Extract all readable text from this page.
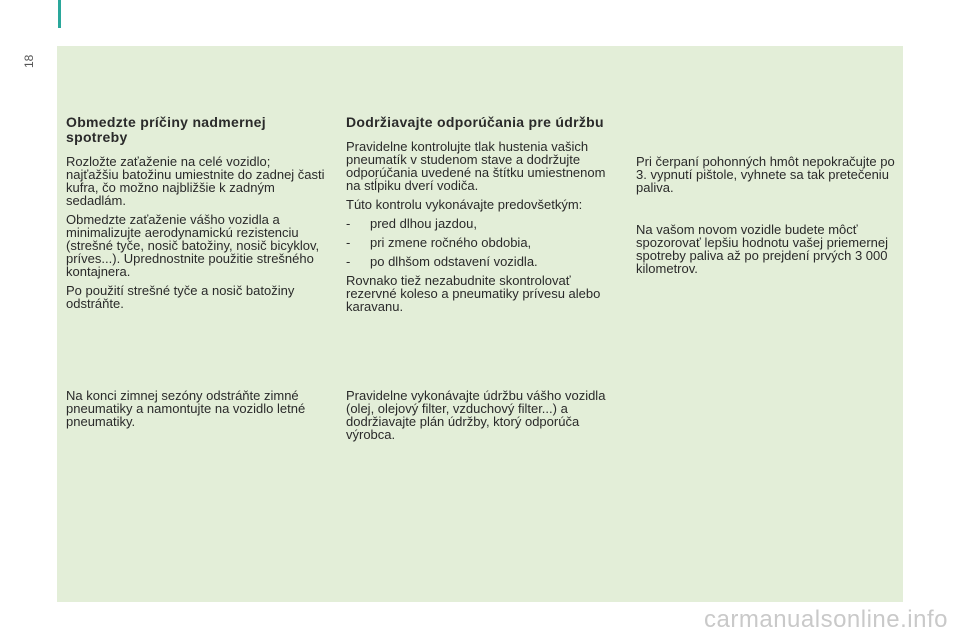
18
Obmedzte príčiny nadmernej spotreby

Rozložte zaťaženie na celé vozidlo; najťažšiu batožinu umiestnite do zadnej časti kufra, čo možno najbližšie k zadným sedadlám.

Obmedzte zaťaženie vášho vozidla a minimalizujte aerodynamickú rezistenciu (strešné tyče, nosič batožiny, nosič bicyklov, príves...). Uprednostnite použitie strešného kontajnera.

Po použití strešné tyče a nosič batožiny odstráňte.

Dodržiavajte odporúčania pre údržbu

Pravidelne kontrolujte tlak hustenia vašich pneumatík v studenom stave a dodržujte odporúčania uvedené na štítku umiestnenom na stĺpiku dverí vodiča.

Túto kontrolu vykonávajte predovšetkým:

-	pred dlhou jazdou,
-	pri zmene ročného obdobia,
-	po dlhšom odstavení vozidla.

Rovnako tiež nezabudnite skontrolovať rezervné koleso a pneumatiky prívesu alebo karavanu.

Pri čerpaní pohonných hmôt nepokračujte po 3. vypnutí pištole, vyhnete sa tak pretečeniu paliva.

Na vašom novom vozidle budete môcť spozorovať lepšiu hodnotu vašej priemernej spotreby paliva až po prejdení prvých 3 000 kilometrov.

Na konci zimnej sezóny odstráňte zimné pneumatiky a namontujte na vozidlo letné pneumatiky.

Pravidelne vykonávajte údržbu vášho vozidla (olej, olejový filter, vzduchový filter...) a dodržiavajte plán údržby, ktorý odporúča výrobca.

carmanualsonline.info
